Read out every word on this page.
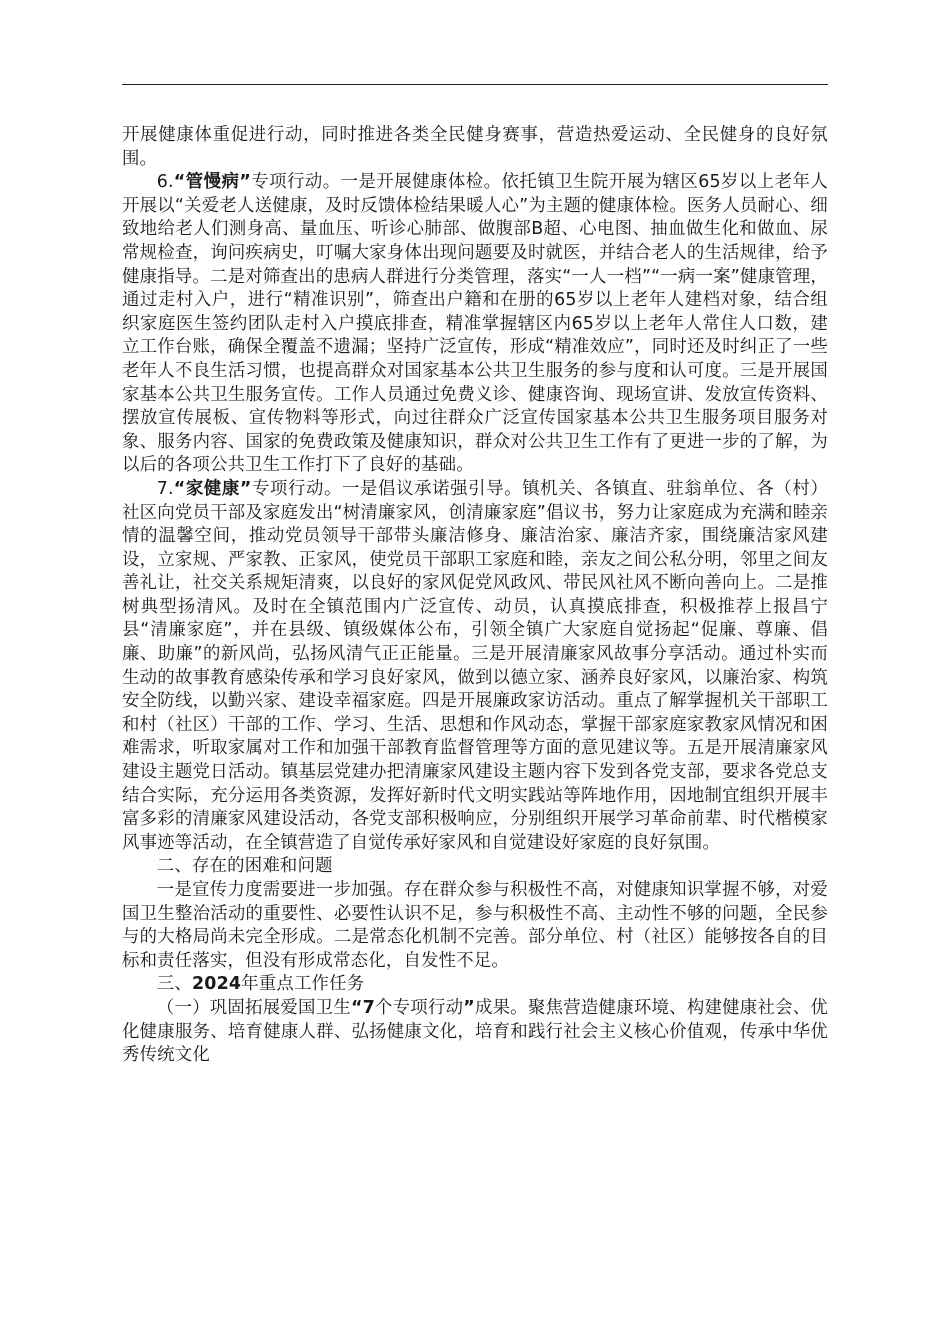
开展健康体重促进行动，同时推进各类全民健身赛事，营造热爱运动、全民健身的良好氛围。

6.“管慢病”专项行动。一是开展健康体检。依托镇卫生院开展为辖区65岁以上老年人开展以“关爱老人送健康，及时反馈体检结果暖人心”为主题的健康体检。医务人员耐心、细致地给老人们测身高、量血压、听诊心肺部、做腹部B超、心电图、抽血做生化和做血、尿常规检查，询问疾病史，叮嘱大家身体出现问题要及时就医，并结合老人的生活规律，给予健康指导。二是对筛查出的患病人群进行分类管理，落实“一人一档”“一病一案”健康管理，通过走村入户，进行“精准识别”，筛查出户籍和在册的65岁以上老年人建档对象，结合组织家庭医生签约团队走村入户摸底排查，精准掌握辖区内65岁以上老年人常住人口数，建立工作台账，确保全覆盖不遗漏；坚持广泛宣传，形成“精准效应”，同时还及时纠正了一些老年人不良生活习惯，也提高群众对国家基本公共卫生服务的参与度和认可度。三是开展国家基本公共卫生服务宣传。工作人员通过免费义诊、健康咨询、现场宣讲、发放宣传资料、摆放宣传展板、宣传物料等形式，向过往群众广泛宣传国家基本公共卫生服务项目服务对象、服务内容、国家的免费政策及健康知识，群众对公共卫生工作有了更进一步的了解，为以后的各项公共卫生工作打下了良好的基础。

7.“家健康”专项行动。一是倡议承诺强引导。镇机关、各镇直、驻翁单位、各（村）社区向党员干部及家庭发出“树清廉家风，创清廉家庭”倡议书，努力让家庭成为充满和睦亲情的温馨空间，推动党员领导干部带头廉洁修身、廉洁治家、廉洁齐家，围绕廉洁家风建设，立家规、严家教、正家风，使党员干部职工家庭和睦，亲友之间公私分明，邻里之间友善礼让，社交关系规矩清爽，以良好的家风促党风政风、带民风社风不断向善向上。二是推树典型扬清风。及时在全镇范围内广泛宣传、动员，认真摸底排查，积极推荐上报昌宁县“清廉家庭”，并在县级、镇级媒体公布，引领全镇广大家庭自觉扬起“促廉、尊廉、倡廉、助廉”的新风尚，弘扬风清气正正能量。三是开展清廉家风故事分享活动。通过朴实而生动的故事教育感染传承和学习良好家风，做到以德立家、涵养良好家风，以廉治家、构筑安全防线，以勤兴家、建设幸福家庭。四是开展廉政家访活动。重点了解掌握机关干部职工和村（社区）干部的工作、学习、生活、思想和作风动态，掌握干部家庭家教家风情况和困难需求，听取家属对工作和加强干部教育监督管理等方面的意见建议等。五是开展清廉家风建设主题党日活动。镇基层党建办把清廉家风建设主题内容下发到各党支部，要求各党总支结合实际，充分运用各类资源，发挥好新时代文明实践站等阵地作用，因地制宜组织开展丰富多彩的清廉家风建设活动，各党支部积极响应，分别组织开展学习革命前辈、时代楷模家风事迹等活动，在全镇营造了自觉传承好家风和自觉建设好家庭的良好氛围。

二、存在的困难和问题

一是宣传力度需要进一步加强。存在群众参与积极性不高，对健康知识掌握不够，对爱国卫生整治活动的重要性、必要性认识不足，参与积极性不高、主动性不够的问题，全民参与的大格局尚未完全形成。二是常态化机制不完善。部分单位、村（社区）能够按各自的目标和责任落实，但没有形成常态化，自发性不足。

三、2024年重点工作任务

（一）巩固拓展爱国卫生“7个专项行动”成果。聚焦营造健康环境、构建健康社会、优化健康服务、培育健康人群、弘扬健康文化，培育和践行社会主义核心价值观，传承中华优秀传统文化
